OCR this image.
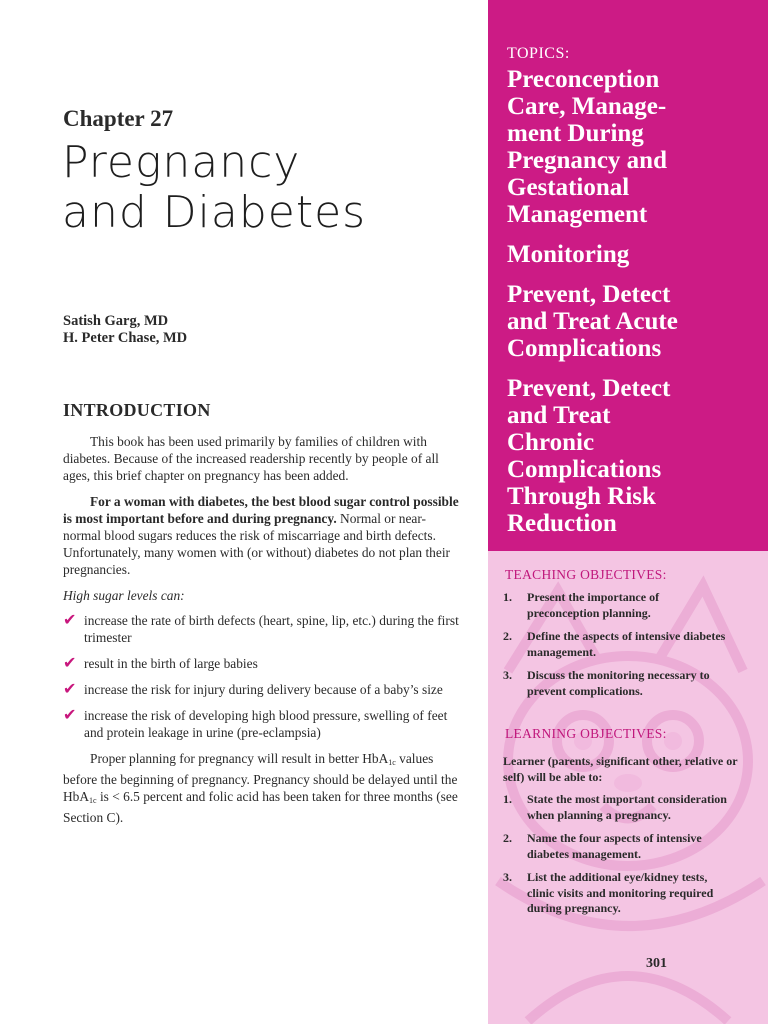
Chapter 27
Pregnancy
and Diabetes
Satish Garg, MD
H. Peter Chase, MD
INTRODUCTION

This book has been used primarily by families of children with diabetes. Because of the increased readership recently by people of all ages, this brief chapter on pregnancy has been added.

For a woman with diabetes, the best blood sugar control possible is most important before and during pregnancy. Normal or near-normal blood sugars reduces the risk of miscarriage and birth defects. Unfortunately, many women with (or without) diabetes do not plan their pregnancies.

High sugar levels can:

✔ increase the rate of birth defects (heart, spine, lip, etc.) during the first trimester
✔ result in the birth of large babies
✔ increase the risk for injury during delivery because of a baby’s size
✔ increase the risk of developing high blood pressure, swelling of feet and protein leakage in urine (pre-eclampsia)

Proper planning for pregnancy will result in better HbA$_{1c}$ values before the beginning of pregnancy. Pregnancy should be delayed until the HbA$_{1c}$ is < 6.5 percent and folic acid has been taken for three months (see Section C).

TOPICS:
Preconception
Care, Manage-
ment During
Pregnancy and
Gestational
Management
Monitoring
Prevent, Detect
and Treat Acute
Complications
Prevent, Detect
and Treat
Chronic
Complications
Through Risk
Reduction
TEACHING OBJECTIVES:
1. Present the importance of preconception planning.
2. Define the aspects of intensive diabetes management.
3. Discuss the monitoring necessary to prevent complications.
LEARNING OBJECTIVES:
Learner (parents, significant other, relative or self) will be able to:
1. State the most important consideration when planning a pregnancy.
2. Name the four aspects of intensive diabetes management.
3. List the additional eye/kidney tests, clinic visits and monitoring required during pregnancy.
301
